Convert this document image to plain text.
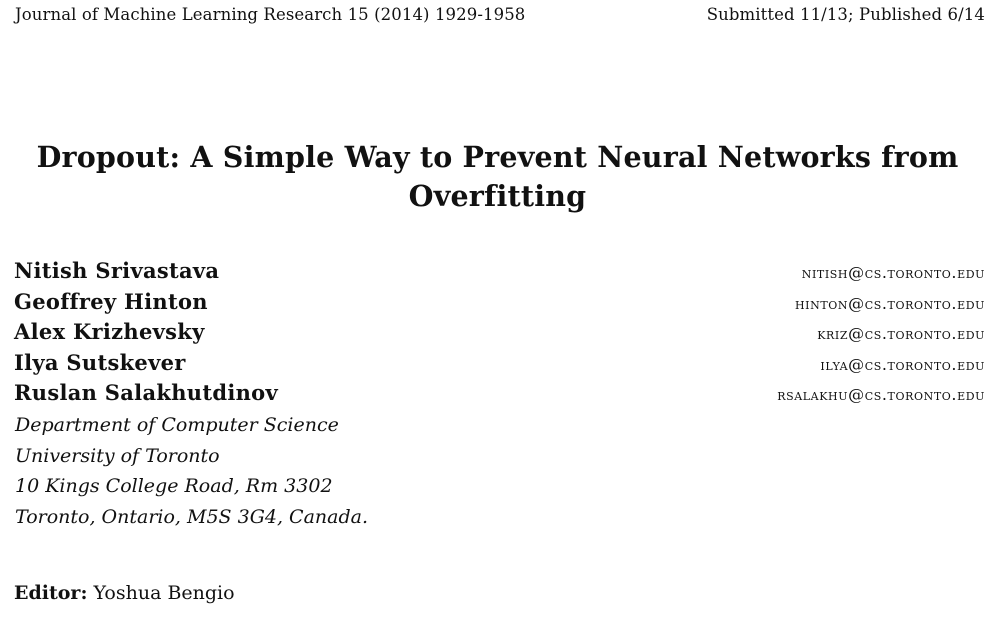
Journal of Machine Learning Research 15 (2014) 1929-1958	Submitted 11/13; Published 6/14
Dropout: A Simple Way to Prevent Neural Networks from
Overfitting
Nitish Srivastava	nitish@cs.toronto.edu
Geoffrey Hinton	hinton@cs.toronto.edu
Alex Krizhevsky	kriz@cs.toronto.edu
Ilya Sutskever	ilya@cs.toronto.edu
Ruslan Salakhutdinov	rsalakhu@cs.toronto.edu
Department of Computer Science
University of Toronto
10 Kings College Road, Rm 3302
Toronto, Ontario, M5S 3G4, Canada.
Editor: Yoshua Bengio
